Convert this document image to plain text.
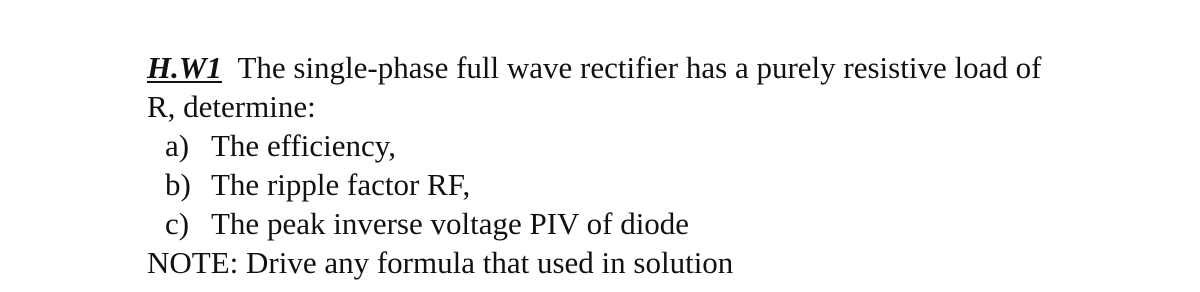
H.W1 The single-phase full wave rectifier has a purely resistive load of
R, determine:
a) The efficiency,
b) The ripple factor RF,
c) The peak inverse voltage PIV of diode
NOTE: Drive any formula that used in solution
